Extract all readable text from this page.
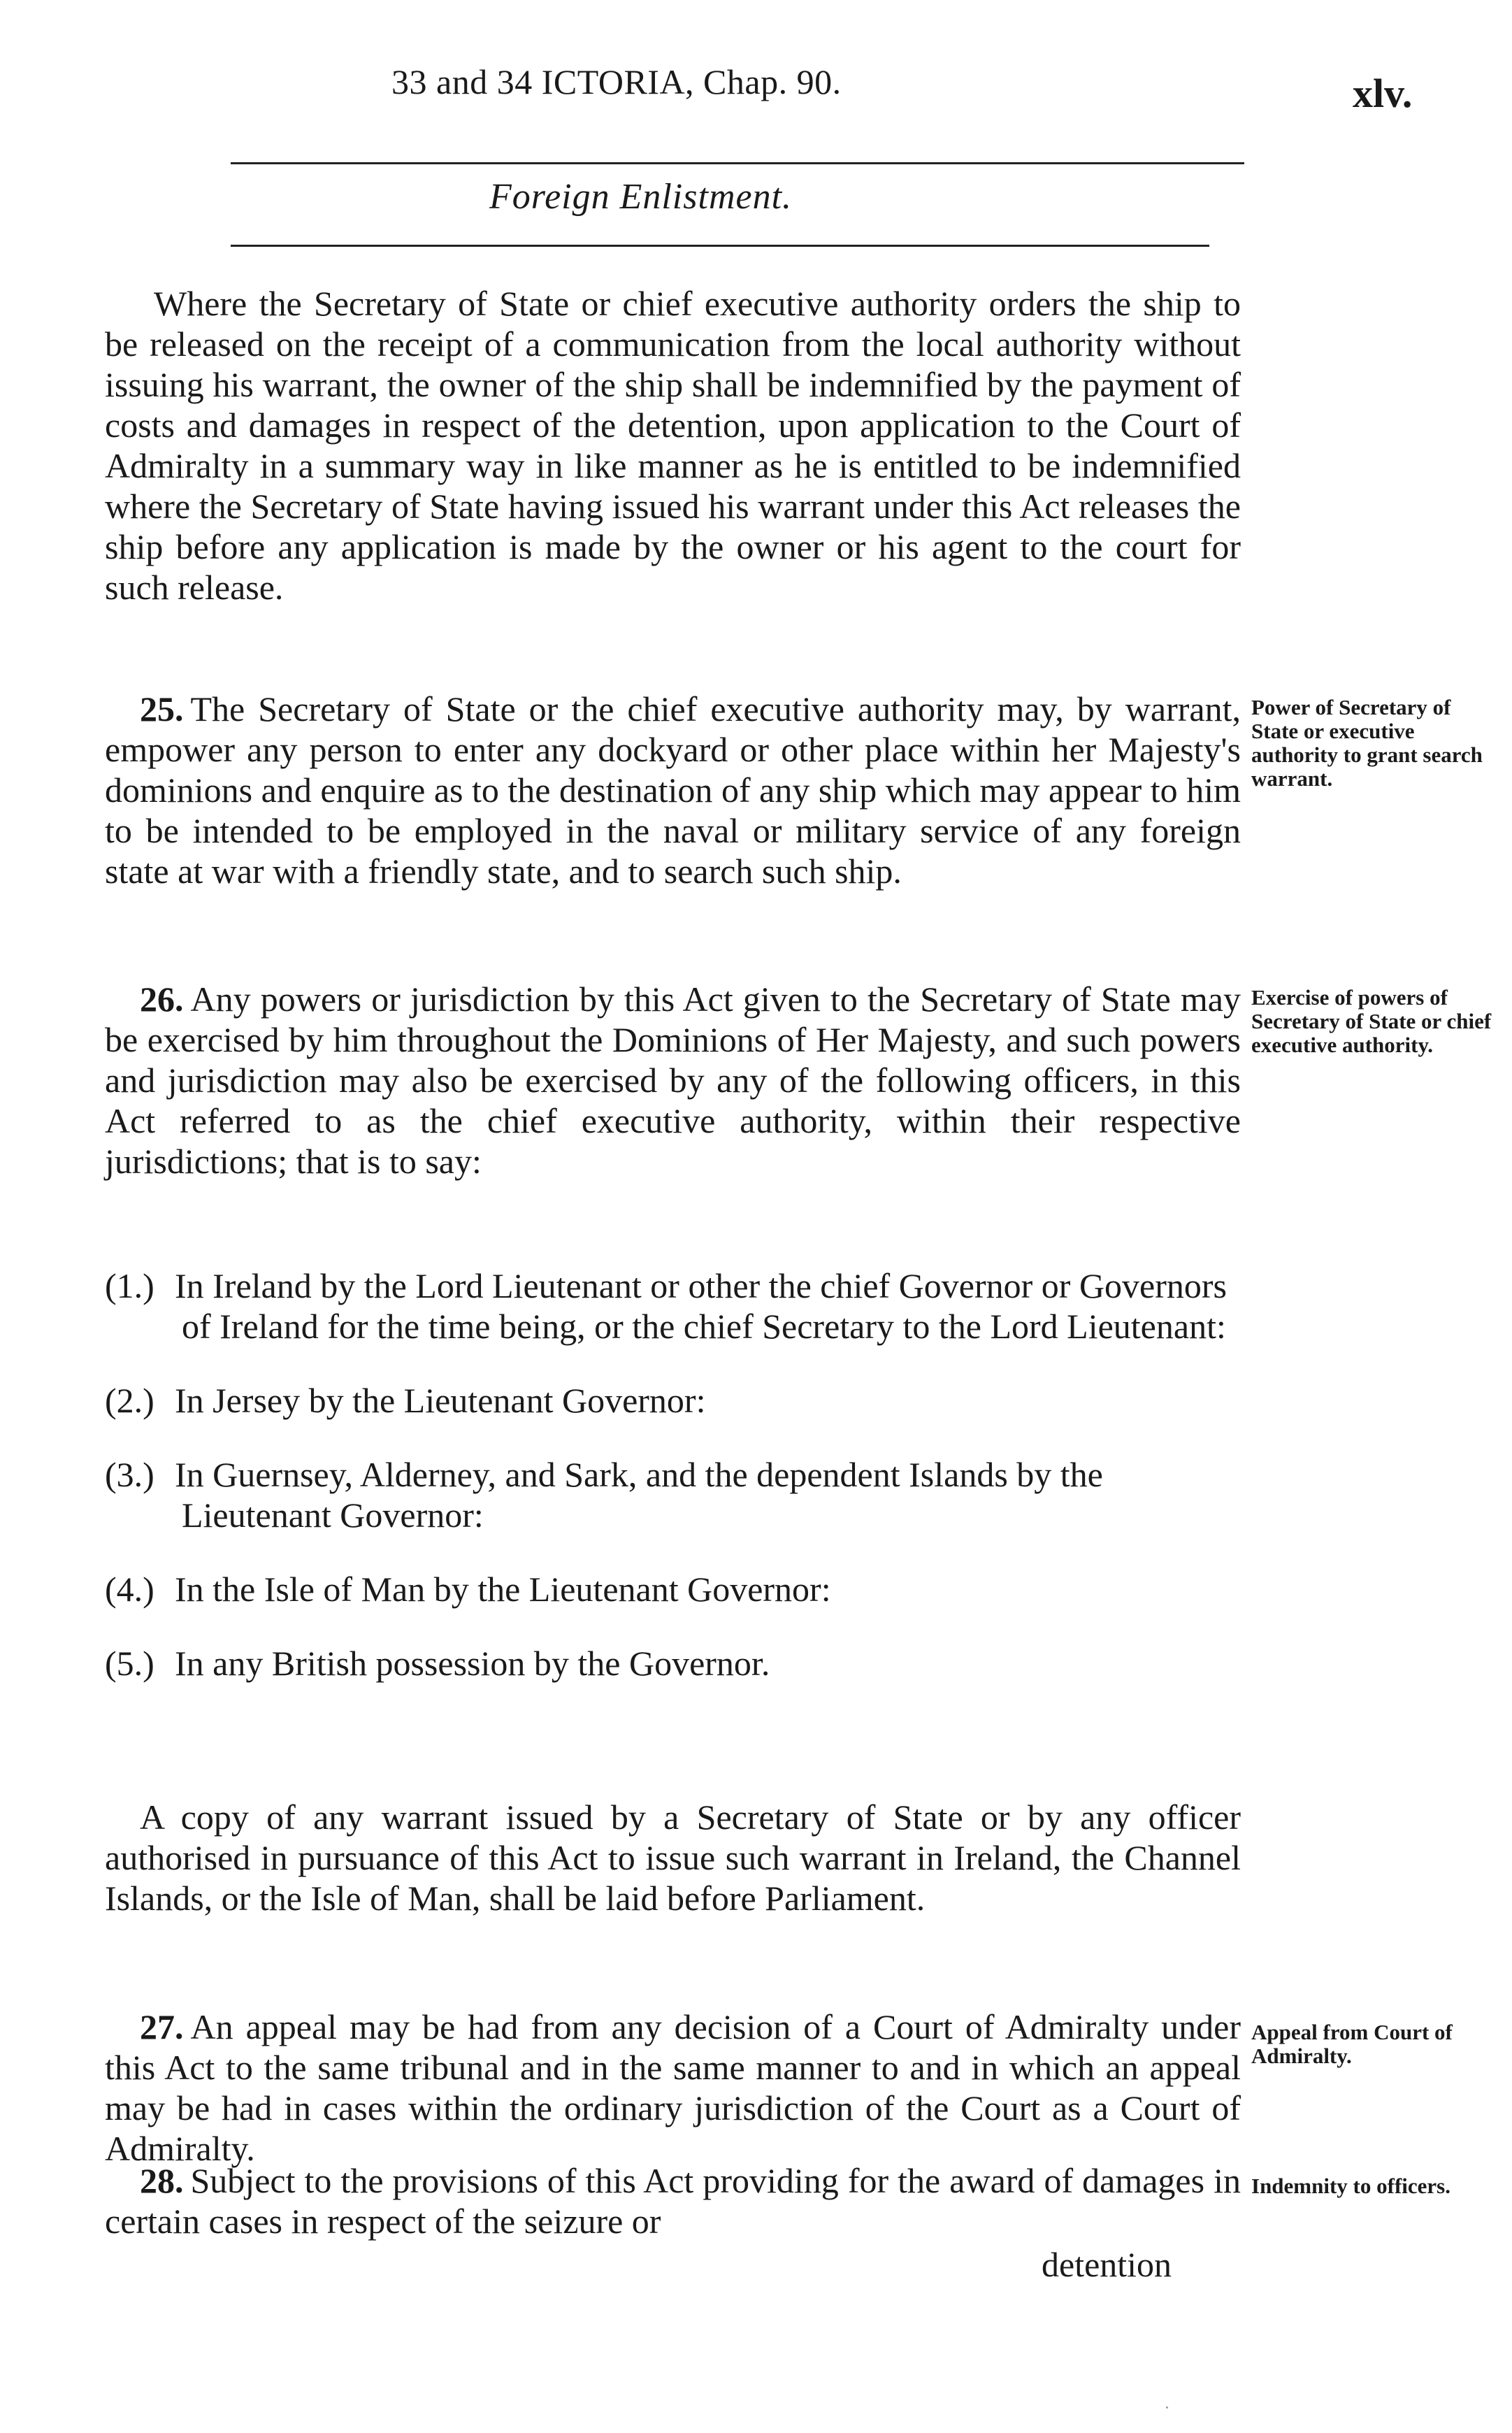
33 and 34 ICTORIA, Chap. 90.	xlv.
Foreign Enlistment.

Where the Secretary of State or chief executive authority orders the ship to be released on the receipt of a communication from the local authority without issuing his warrant, the owner of the ship shall be indemnified by the payment of costs and damages in respect of the detention, upon application to the Court of Admiralty in a summary way in like manner as he is entitled to be indemnified where the Secretary of State having issued his warrant under this Act releases the ship before any application is made by the owner or his agent to the court for such release.

25. The Secretary of State or the chief executive authority may, by warrant, empower any person to enter any dockyard or other place within her Majesty's dominions and enquire as to the destination of any ship which may appear to him to be intended to be employed in the naval or military service of any foreign state at war with a friendly state, and to search such ship.

Power of Secretary of State or executive authority to grant search warrant.

26. Any powers or jurisdiction by this Act given to the Secretary of State may be exercised by him throughout the Dominions of Her Majesty, and such powers and jurisdiction may also be exercised by any of the following officers, in this Act referred to as the chief executive authority, within their respective jurisdictions; that is to say:

Exercise of powers of Secretary of State or chief executive authority.
(1.) In Ireland by the Lord Lieutenant or other the chief Governor or Governors of Ireland for the time being, or the chief Secretary to the Lord Lieutenant:
(2.) In Jersey by the Lieutenant Governor:
(3.) In Guernsey, Alderney, and Sark, and the dependent Islands by the Lieutenant Governor:
(4.) In the Isle of Man by the Lieutenant Governor:
(5.) In any British possession by the Governor.

A copy of any warrant issued by a Secretary of State or by any officer authorised in pursuance of this Act to issue such warrant in Ireland, the Channel Islands, or the Isle of Man, shall be laid before Parliament.

27. An appeal may be had from any decision of a Court of Admiralty under this Act to the same tribunal and in the same manner to and in which an appeal may be had in cases within the ordinary jurisdiction of the Court as a Court of Admiralty.

Appeal from Court of Admiralty.

28. Subject to the provisions of this Act providing for the award of damages in certain cases in respect of the seizure or

Indemnity to officers.
detention
